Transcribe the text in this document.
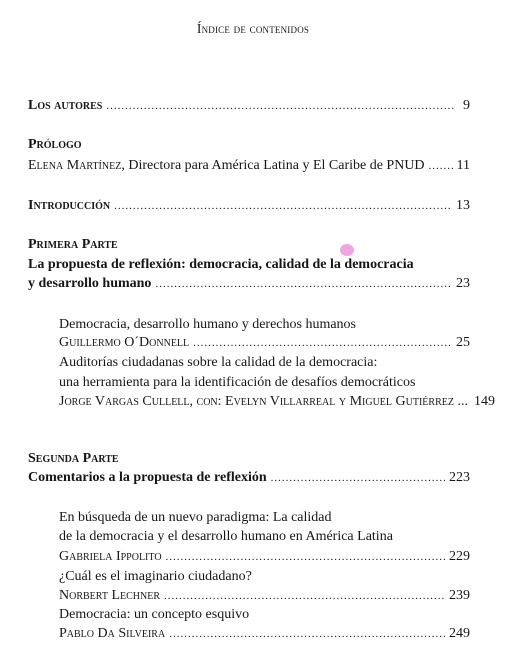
Índice de contenidos
Los autores .....	9
Prólogo
Elena Martínez, Directora para América Latina y El Caribe de PNUD ..... 11
Introducción .....	13
Primera Parte
La propuesta de reflexión: democracia, calidad de la democracia
y desarrollo humano .....	23
Democracia, desarrollo humano y derechos humanos
Guillermo O´Donnell .....	25
Auditorías ciudadanas sobre la calidad de la democracia:
una herramienta para la identificación de desafíos democráticos
Jorge Vargas Cullell, con: Evelyn Villarreal y Miguel Gutiérrez ... 149
Segunda Parte
Comentarios a la propuesta de reflexión .....	223
En búsqueda de un nuevo paradigma: La calidad
de la democracia y el desarrollo humano en América Latina
Gabriela Ippolito .....	229
¿Cuál es el imaginario ciudadano?
Norbert Lechner .....	239
Democracia: un concepto esquivo
Pablo Da Silveira .....	249
